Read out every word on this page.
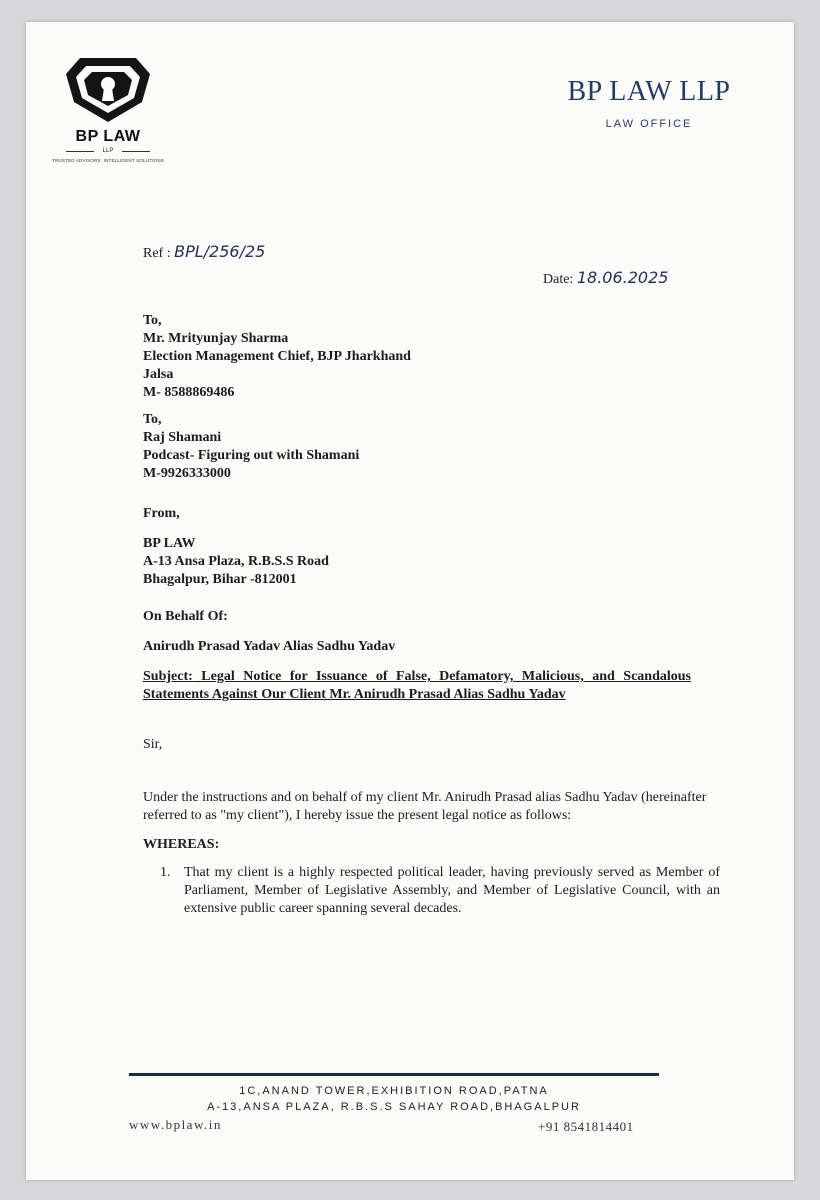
BP LAW
LLP
TRUSTED ADVISORS. INTELLIGENT SOLUTIONS
BP LAW LLP
LAW OFFICE
Ref : BPL/256/25
Date: 18.06.2025
To,
Mr. Mrityunjay Sharma
Election Management Chief, BJP Jharkhand
Jalsa
M- 8588869486
To,
Raj Shamani
Podcast- Figuring out with Shamani
M-9926333000
From,
BP LAW
A-13 Ansa Plaza, R.B.S.S Road
Bhagalpur, Bihar -812001
On Behalf Of:
Anirudh Prasad Yadav Alias Sadhu Yadav
Subject: Legal Notice for Issuance of False, Defamatory, Malicious, and Scandalous Statements Against Our Client Mr. Anirudh Prasad Alias Sadhu Yadav
Sir,
Under the instructions and on behalf of my client Mr. Anirudh Prasad alias Sadhu Yadav (hereinafter referred to as "my client"), I hereby issue the present legal notice as follows:
WHEREAS:
1. That my client is a highly respected political leader, having previously served as Member of Parliament, Member of Legislative Assembly, and Member of Legislative Council, with an extensive public career spanning several decades.
1C,ANAND TOWER,EXHIBITION ROAD,PATNA
A-13,ANSA PLAZA, R.B.S.S SAHAY ROAD,BHAGALPUR
www.bplaw.in	+91 8541814401
